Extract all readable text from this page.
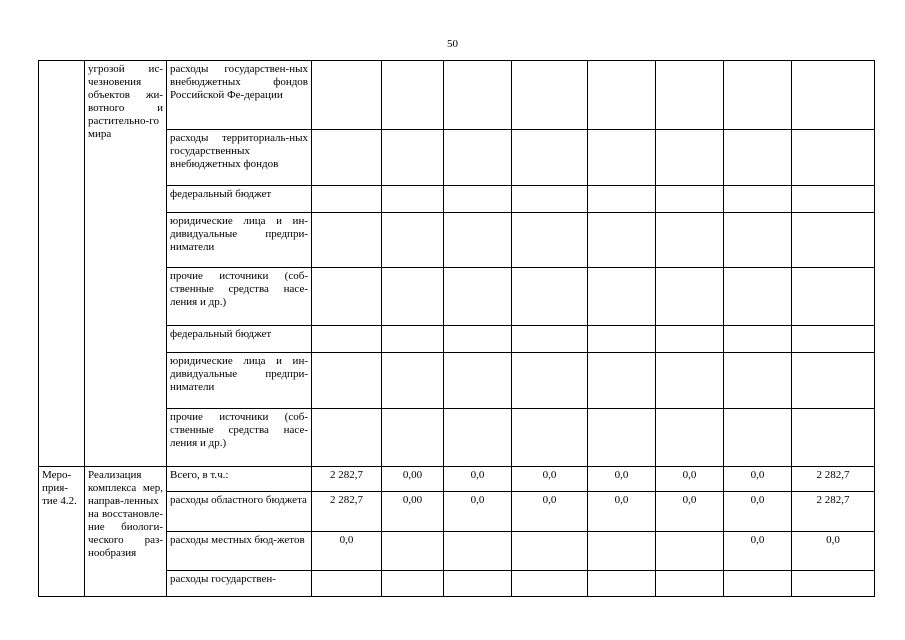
50
	угрозой ис-чезновения объектов жи-вотного и растительно-го мира	расходы государствен-ных внебюджетных фондов Российской Фе-дерации								
		расходы территориаль-ных государственных внебюджетных фондов								
		федеральный бюджет								
		юридические лица и ин-дивидуальные предпри-ниматели								
		прочие источники (соб-ственные средства насе-ления и др.)								
		федеральный бюджет								
		юридические лица и ин-дивидуальные предпри-ниматели								
		прочие источники (соб-ственные средства насе-ления и др.)								
Меро-прия-тие 4.2.	Реализация комплекса мер, направ-ленных на восстановле-ние биологи-ческого раз-нообразия	Всего, в т.ч.:	2 282,7	0,00	0,0	0,0	0,0	0,0	0,0	2 282,7
		расходы областного бюджета	2 282,7	0,00	0,0	0,0	0,0	0,0	0,0	2 282,7
		расходы местных бюд-жетов	0,0						0,0	0,0
		расходы государствен-								
